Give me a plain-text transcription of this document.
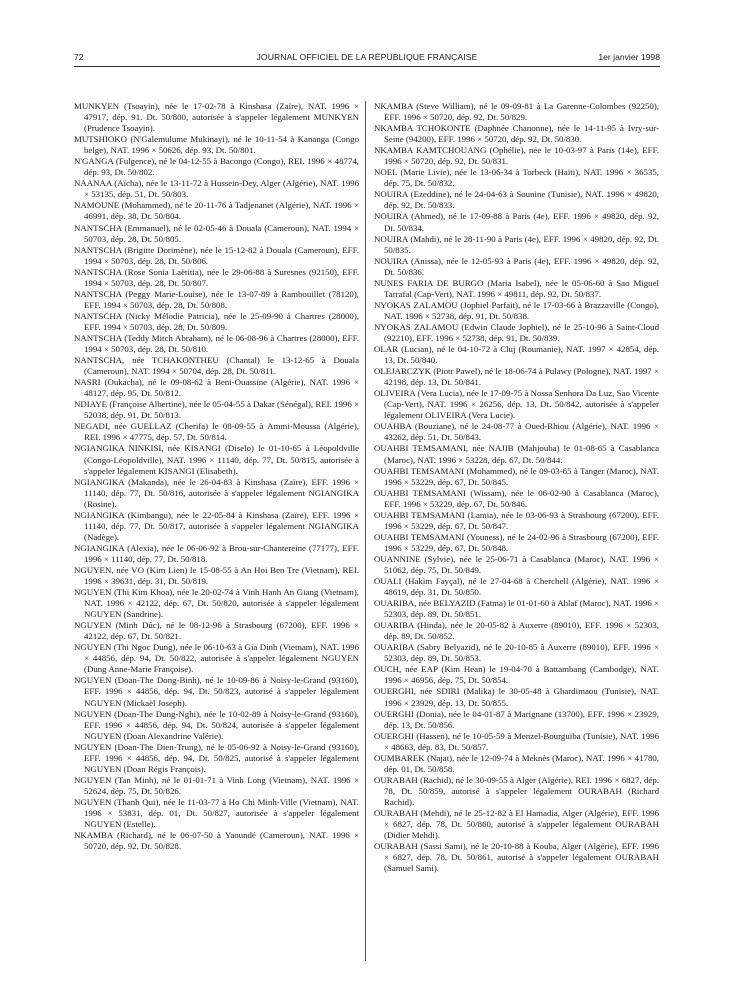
72	JOURNAL OFFICIEL DE LA RÉPUBLIQUE FRANÇAISE	1er janvier 1998

MUNKYEN (Tsoayin), née le 17-02-78 à Kinshasa (Zaïre), NAT. 1996 × 47917, dép. 91. Dt. 50/800, autorisée à s'appeler légalement MUNKYEN (Prudence Tsoayin).

MUTSHIOKO (N'Galemulume Mukinayi), né le 10-11-54 à Kananga (Congo belge), NAT. 1996 × 50626, dép. 93, Dt. 50/801.

N'GANGA (Fulgence), né le 04-12-55 à Bacongo (Congo), REI. 1996 × 48774, dép. 93, Dt. 50/802.

NAANAA (Aïcha), née le 13-11-72 à Hussein-Dey, Alger (Algérie), NAT. 1996 × 53135, dép. 51, Dt. 50/803.

NAMOUNE (Mohammed), né le 20-11-76 à Tadjenanet (Algérie), NAT. 1996 × 46991, dép. 38, Dt. 50/804.

NANTSCHA (Emmanuel), né le 02-05-46 à Douala (Cameroun), NAT. 1994 × 50703, dép. 28, Dt. 50/805.

NANTSCHA (Brigitte Dorimène), née le 15-12-82 à Douala (Cameroun), EFF. 1994 × 50703, dép. 28, Dt. 50/806.

NANTSCHA (Rose Sonia Laëtitia), née le 29-06-88 à Suresnes (92150), EFF. 1994 × 50703, dép. 28, Dt. 50/807.

NANTSCHA (Peggy Marie-Louise), née le 13-07-89 à Rambouillet (78120), EFF. 1994 × 50703, dép. 28, Dt. 50/808.

NANTSCHA (Nicky Mélodie Patricia), née le 25-09-90 à Chartres (28000), EFF. 1994 × 50703, dép. 28, Dt. 50/809.

NANTSCHA (Teddy Mitch Abraham), né le 06-08-96 à Chartres (28000), EFF. 1994 × 50703, dép. 28, Dt. 50/810.

NANTSCHA, née TCHAKONTHEU (Chantal) le 13-12-65 à Douala (Cameroun), NAT. 1994 × 50704, dép. 28, Dt. 50/811.

NASRI (Oukacha), né le 09-08-62 à Beni-Ouassine (Algérie), NAT. 1996 × 48127, dép. 95, Dt. 50/812.

NDIAYE (Françoise Albertine), née le 05-04-55 à Dakar (Sénégal), REI. 1996 × 52038, dép. 91, Dt. 50/813.

NEGADI, née GUELLAZ (Cherifa) le 08-09-55 à Ammi-Moussa (Algérie), REI. 1996 × 47775, dép. 57, Dt. 50/814.

NGIANGIKA NINKISI, née KISANGI (Diselo) le 01-10-65 à Léopoldville (Congo-Léopoldville), NAT. 1996 × 11140, dép. 77, Dt. 50/815, autorisée à s'appeler légalement KISANGI (Elisabeth).

NGIANGIKA (Makanda), née le 26-04-83 à Kinshasa (Zaïre), EFF. 1996 × 11140, dép. 77, Dt. 50/816, autorisée à s'appeler légalement NGIANGIKA (Rosine).

NGIANGIKA (Kimbangu), née le 22-05-84 à Kinshasa (Zaïre), EFF. 1996 × 11140, dép. 77, Dt. 50/817, autorisée à s'appeler légalement NGIANGIKA (Nadège).

NGIANGIKA (Alexia), née le 06-06-92 à Brou-sur-Chantereine (77177), EFF. 1996 × 11140, dép. 77, Dt. 50/818.

NGUYEN, née VO (Kim Lien) le 15-08-55 à An Hoi Ben Tre (Vietnam), REI. 1996 × 39631, dép. 31, Dt. 50/819.

NGUYEN (Thi Kim Khoa), née le 20-02-74 à Vinh Hanh An Giang (Vietnam), NAT. 1996 × 42122, dép. 67, Dt. 50/820, autorisée à s'appeler légalement NGUYEN (Sandrine).

NGUYEN (Minh Dûc), né le 08-12-96 à Strasbourg (67200), EFF. 1996 × 42122, dép. 67, Dt. 50/821.

NGUYEN (Thi Ngoc Dung), née le 06-10-63 à Gia Dinh (Vietnam), NAT. 1996 × 44856, dép. 94, Dt. 50/822, autorisée à s'appeler légalement NGUYEN (Dung Anne-Marie Françoise).

NGUYEN (Doan-The Dong-Binh), né le 10-09-86 à Noisy-le-Grand (93160), EFF. 1996 × 44856, dép. 94, Dt. 50/823, autorisé à s'appeler légalement NGUYEN (Mickaël Joseph).

NGUYEN (Doan-The Dung-Nghi), née le 10-02-89 à Noisy-le-Grand (93160), EFF. 1996 × 44856, dép. 94, Dt. 50/824, autorisée à s'appeler légalement NGUYEN (Doan Alexandrine Valérie).

NGUYEN (Doan-The Dien-Trung), né le 05-06-92 à Noisy-le-Grand (93160), EFF. 1996 × 44856, dép. 94, Dt. 50/825, autorisé à s'appeler légalement NGUYEN (Doan Régis François).

NGUYEN (Tan Minh), né le 01-01-71 à Vinh Long (Vietnam), NAT. 1996 × 52624, dép. 75, Dt. 50/826.

NGUYEN (Thanh Qui), née le 11-03-77 à Ho Chi Minh-Ville (Vietnam), NAT. 1996 × 53831, dép. 01, Dt. 50/827, autorisée à s'appeler légalement NGUYEN (Estelle).

NKAMBA (Richard), né le 06-07-50 à Yaoundé (Cameroun), NAT. 1996 × 50720, dép. 92, Dt. 50/828.

NKAMBA (Steve William), né le 09-09-81 à La Garenne-Colombes (92250), EFF. 1996 × 50720, dép. 92, Dt. 50/829.

NKAMBA TCHOKONTE (Daphnée Chanonne), née le 14-11-95 à Ivry-sur-Seine (94200), EFF. 1996 × 50720, dép. 92, Dt. 50/830.

NKAMBA KAMTCHOUANG (Ophélie), née le 10-03-97 à Paris (14e), EFF. 1996 × 50720, dép. 92, Dt. 50/831.

NOEL (Marie Livie), née le 13-06-34 à Torbeck (Haïti), NAT. 1996 × 36535, dép. 75, Dt. 50/832.

NOUIRA (Ezeddine), né le 24-04-63 à Sounine (Tunisie), NAT. 1996 × 49820, dép. 92, Dt. 50/833.

NOUIRA (Ahmed), né le 17-09-88 à Paris (4e), EFF. 1996 × 49820, dép. 92, Dt. 50/834.

NOUIRA (Mahdi), né le 28-11-90 à Paris (4e), EFF. 1996 × 49820, dép. 92, Dt. 50/835.

NOUIRA (Anissa), née le 12-05-93 à Paris (4e), EFF. 1996 × 49820, dép. 92, Dt. 50/836.

NUNES FARIA DE BURGO (Maria Isabel), née le 05-06-60 à Sao Miguel Tarrafal (Cap-Vert), NAT. 1996 × 49811, dép. 92, Dt. 50/837.

NYOKAS ZALAMOU (Jophiel Parfait), né le 17-03-66 à Brazzaville (Congo), NAT. 1996 × 52738, dép. 91, Dt. 50/838.

NYOKAS ZALAMOU (Edwin Claude Jophiel), né le 25-10-96 à Saint-Cloud (92210), EFF. 1996 × 52738, dép. 91, Dt. 50/839.

OLAR (Lucian), né le 04-10-72 à Cluj (Roumanie), NAT. 1997 × 42854, dép. 13, Dt. 50/840.

OLEJARCZYK (Piotr Pawel), né le 18-06-74 à Pulawy (Pologne), NAT. 1997 × 42198, dép. 13, Dt. 50/841.

OLIVEIRA (Vera Lucia), née le 17-09-75 à Nossa Senhora Da Luz, Sao Vicente (Cap-Vert), NAT. 1996 × 26256, dép. 13, Dt. 50/842, autorisée à s'appeler légalement OLIVEIRA (Vera Lucie).

OUAHBA (Bouziane), né le 24-08-77 à Oued-Rhiou (Algérie), NAT. 1996 × 43262, dép. 51, Dt. 50/843.

OUAHBI TEMSAMANI, née NAJIB (Mahjouba) le 01-08-65 à Casablanca (Maroc), NAT. 1996 × 53228, dép. 67, Dt. 50/844.

OUAHBI TEMSAMANI (Mohammed), né le 09-03-65 à Tanger (Maroc), NAT. 1996 × 53229, dép. 67, Dt. 50/845.

OUAHBI TEMSAMANI (Wissam), née le 06-02-90 à Casablanca (Maroc), EFF. 1996 × 53229, dép. 67, Dt. 50/846.

OUAHBI TEMSAMANI (Lamia), née le 03-06-93 à Strasbourg (67200), EFF. 1996 × 53229, dép. 67, Dt. 50/847.

OUAHBI TEMSAMANI (Youness), né le 24-02-96 à Strasbourg (67200), EFF. 1996 × 53229, dép. 67, Dt. 50/848.

OUANNINE (Sylvie), née le 25-06-71 à Casablanca (Maroc), NAT. 1996 × 51062, dép. 75, Dt. 50/849.

OUALI (Hakim Fayçal), né le 27-04-68 à Cherchell (Algérie), NAT. 1996 × 48619, dép. 31, Dt. 50/850.

OUARIBA, née BELYAZID (Fatma) le 01-01-60 à Ahlaf (Maroc), NAT. 1996 × 52303, dép. 89, Dt. 50/851.

OUARIBA (Hinda), née le 20-05-82 à Auxerre (89010), EFF. 1996 × 52303, dép. 89, Dt. 50/852.

OUARIBA (Sabry Belyazid), né le 20-10-85 à Auxerre (89010), EFF. 1996 × 52303, dép. 89, Dt. 50/853.

OUCH, née EAP (Kim Hean) le 19-04-70 à Battambang (Cambodge), NAT. 1996 × 46956, dép. 75, Dt. 50/854.

OUERGHI, née SDIRI (Malika) le 30-05-48 à Ghardimaou (Tunisie), NAT. 1996 × 23929, dép. 13, Dt. 50/855.

OUERGHI (Donia), née le 04-01-87 à Marignane (13700), EFF. 1996 × 23929, dép. 13, Dt. 50/856.

OUERGHI (Hassen), né le 10-05-59 à Menzel-Bourguiba (Tunisie), NAT. 1996 × 48663, dép. 83, Dt. 50/857.

OUMBAREK (Najat), née le 12-09-74 à Meknès (Maroc), NAT. 1996 × 41780, dép. 01, Dt. 50/858.

OURABAH (Rachid), né le 30-09-55 à Alger (Algérie), REI. 1996 × 6827, dép. 78, Dt. 50/859, autorisé à s'appeler légalement OURABAH (Richard Rachid).

OURABAH (Mehdi), né le 25-12-82 à El Hamadia, Alger (Algérie), EFF. 1996 × 6827, dép. 78, Dt. 50/860, autorisé à s'appeler légalement OURABAH (Didier Mehdi).

OURABAH (Sassi Sami), né le 20-10-88 à Kouba, Alger (Algérie), EFF. 1996 × 6827, dép. 78, Dt. 50/861, autorisé à s'appeler légalement OURABAH (Samuel Sami).
